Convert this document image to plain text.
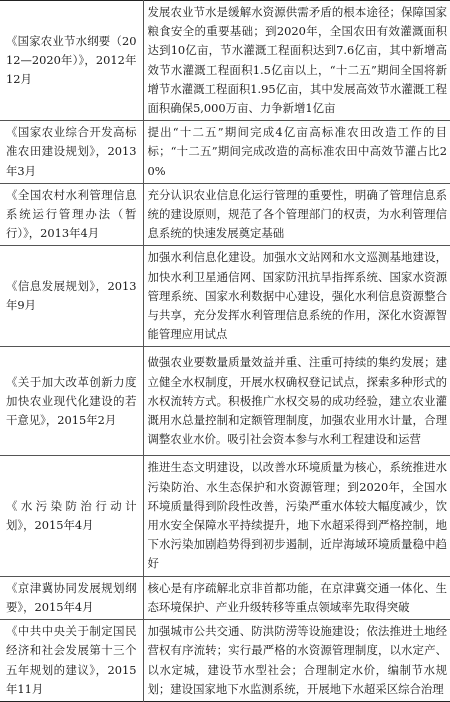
《国家农业节水纲要（2012—2020年）》，2012年12月	发展农业节水是缓解水资源供需矛盾的根本途径；保障国家粮食安全的重要基础；到2020年，全国农田有效灌溉面积达到10亿亩，节水灌溉工程面积达到7.6亿亩，其中新增高效节水灌溉工程面积1.5亿亩以上，“十二五”期间全国将新增节水灌溉工程面积1.95亿亩，其中发展高效节水灌溉工程面积确保5,000万亩、力争新增1亿亩
《国家农业综合开发高标准农田建设规划》，2013年3月	提出“十二五”期间完成4亿亩高标准农田改造工作的目标；“十二五”期间完成改造的高标准农田中高效节灌占比20%
《全国农村水利管理信息系统运行管理办法（暂行）》，2013年4月	充分认识农业信息化运行管理的重要性，明确了管理信息系统的建设原则，规范了各个管理部门的权责，为水利管理信息系统的快速发展奠定基础
《信息发展规划》，2013年9月	加强水利信息化建设。加强水文站网和水文巡测基地建设，加快水利卫星通信网、国家防汛抗旱指挥系统、国家水资源管理系统、国家水利数据中心建设，强化水利信息资源整合与共享，充分发挥水利管理信息系统的作用，深化水资源智能管理应用试点
《关于加大改革创新力度加快农业现代化建设的若干意见》，2015年2月	做强农业要数量质量效益并重、注重可持续的集约发展；建立健全水权制度，开展水权确权登记试点，探索多种形式的水权流转方式。积极推广水权交易的成功经验，建立农业灌溉用水总量控制和定额管理制度，加强农业用水计量，合理调整农业水价。吸引社会资本参与水利工程建设和运营
《水污染防治行动计划》，2015年4月	推进生态文明建设，以改善水环境质量为核心，系统推进水污染防治、水生态保护和水资源管理；到2020年，全国水环境质量得到阶段性改善，污染严重水体较大幅度减少，饮用水安全保障水平持续提升，地下水超采得到严格控制，地下水污染加剧趋势得到初步遏制，近岸海域环境质量稳中趋好
《京津冀协同发展规划纲要》，2015年4月	核心是有序疏解北京非首都功能，在京津冀交通一体化、生态环境保护、产业升级转移等重点领域率先取得突破
《中共中央关于制定国民经济和社会发展第十三个五年规划的建议》，2015年11月	加强城市公共交通、防洪防涝等设施建设；依法推进土地经营权有序流转；实行最严格的水资源管理制度，以水定产、以水定城，建设节水型社会；合理制定水价，编制节水规划；建设国家地下水监测系统，开展地下水超采区综合治理
